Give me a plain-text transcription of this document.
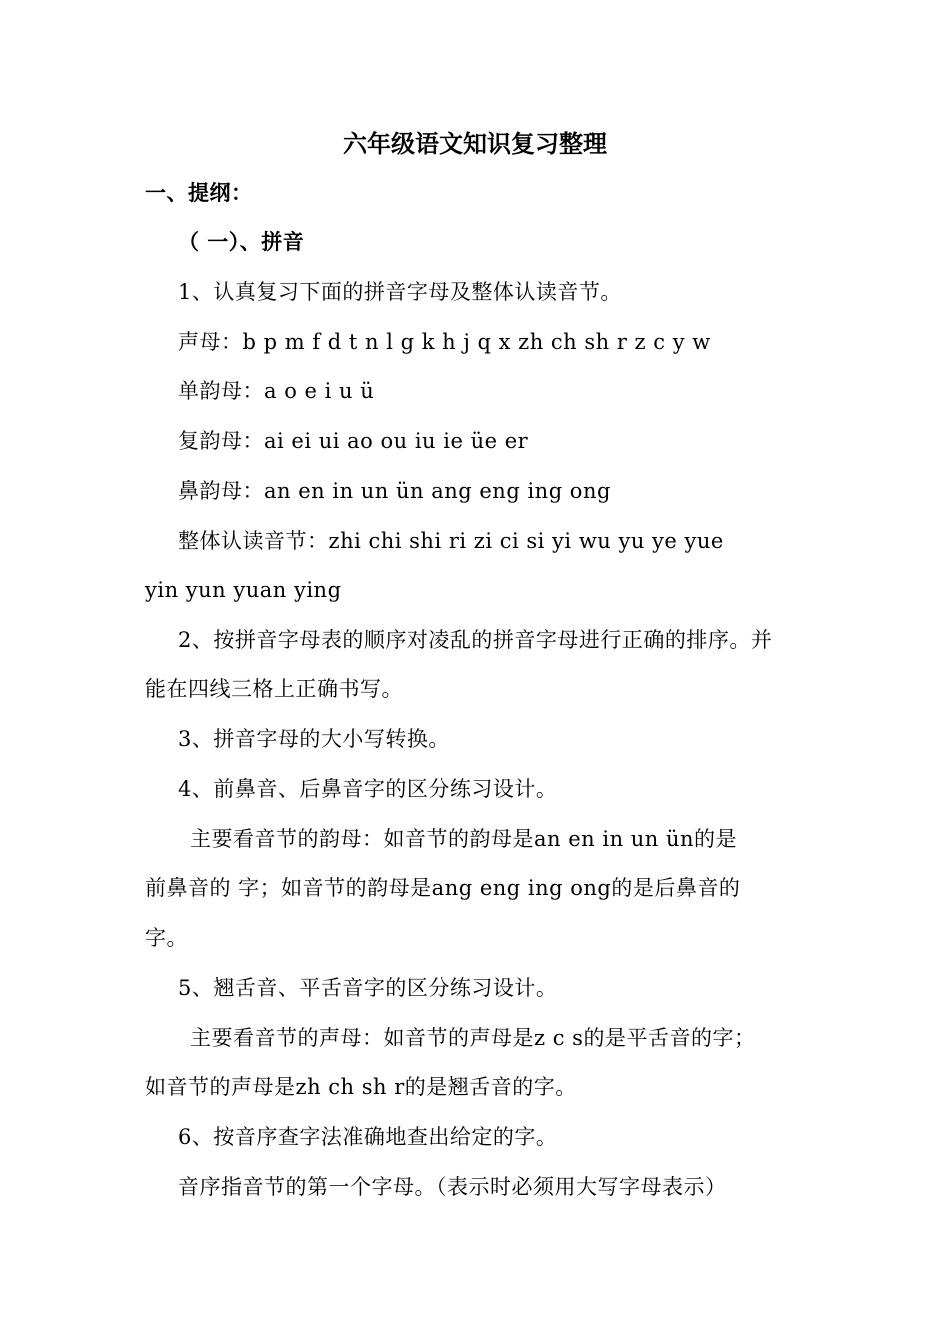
六年级语文知识复习整理
一、提纲：
（ 一）、拼音
1、认真复习下面的拼音字母及整体认读音节。
声母：b p m f d t n l g k h j q x zh ch sh r z c y w
单韵母：a o e i u ü
复韵母：ai ei ui ao ou iu ie üe er
鼻韵母：an en in un ün ang eng ing ong
整体认读音节：zhi chi shi ri zi ci si yi wu yu ye yue
yin yun yuan ying
2、按拼音字母表的顺序对凌乱的拼音字母进行正确的排序。并
能在四线三格上正确书写。
3、拼音字母的大小写转换。
4、前鼻音、后鼻音字的区分练习设计。
主要看音节的韵母：如音节的韵母是an en in un ün的是
前鼻音的 字；如音节的韵母是ang eng ing ong的是后鼻音的
字。
5、翘舌音、平舌音字的区分练习设计。
主要看音节的声母：如音节的声母是z c s的是平舌音的字；
如音节的声母是zh ch sh r的是翘舌音的字。
6、按音序查字法准确地查出给定的字。
音序指音节的第一个字母。（表示时必须用大写字母表示）
